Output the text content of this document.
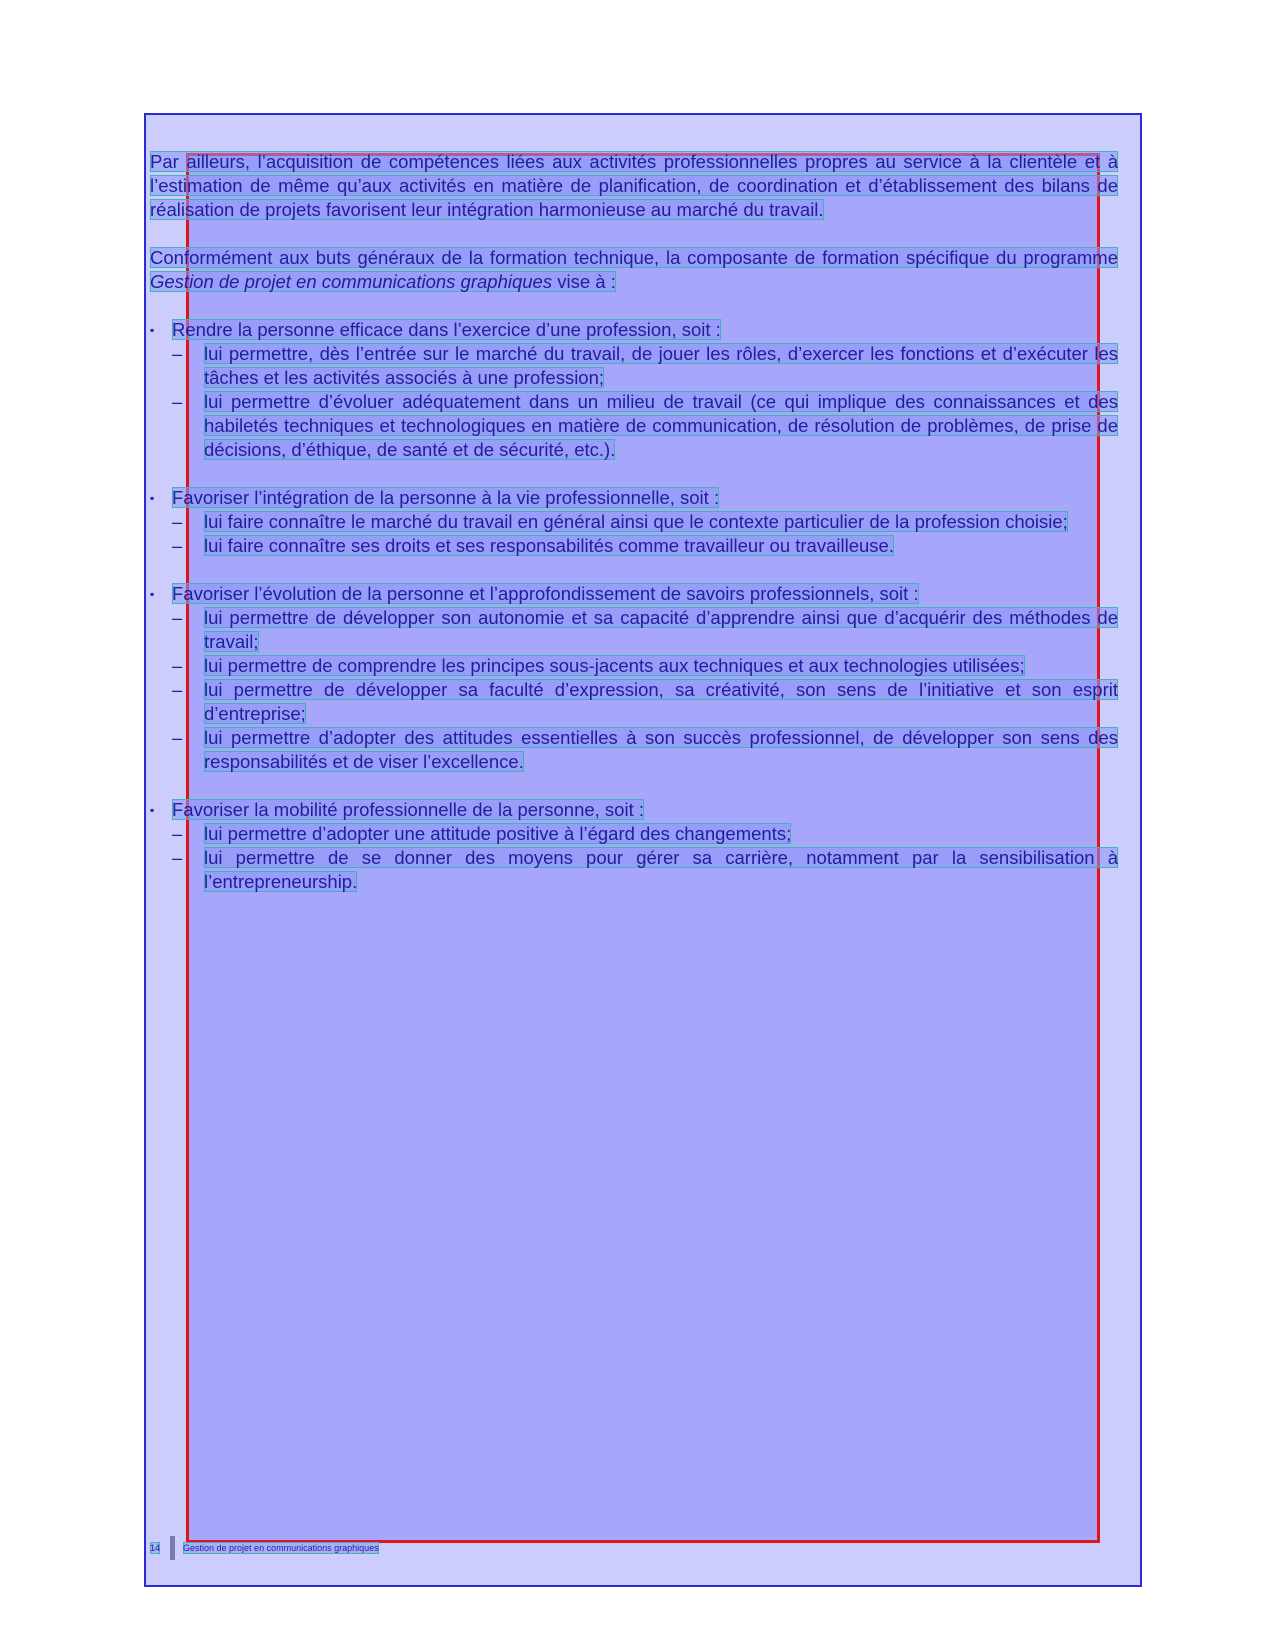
Par ailleurs, l’acquisition de compétences liées aux activités professionnelles propres au service à la clientèle et à l’estimation de même qu’aux activités en matière de planification, de coordination et d’établissement des bilans de réalisation de projets favorisent leur intégration harmonieuse au marché du travail.

Conformément aux buts généraux de la formation technique, la composante de formation spécifique du programme Gestion de projet en communications graphiques vise à :

▪ Rendre la personne efficace dans l’exercice d’une profession, soit :
–	lui permettre, dès l’entrée sur le marché du travail, de jouer les rôles, d’exercer les fonctions et d’exécuter les tâches et les activités associés à une profession;
–	lui permettre d’évoluer adéquatement dans un milieu de travail (ce qui implique des connaissances et des habiletés techniques et technologiques en matière de communication, de résolution de problèmes, de prise de décisions, d’éthique, de santé et de sécurité, etc.).
▪ Favoriser l’intégration de la personne à la vie professionnelle, soit :
–	lui faire connaître le marché du travail en général ainsi que le contexte particulier de la profession choisie;
–	lui faire connaître ses droits et ses responsabilités comme travailleur ou travailleuse.
▪ Favoriser l’évolution de la personne et l’approfondissement de savoirs professionnels, soit :
–	lui permettre de développer son autonomie et sa capacité d’apprendre ainsi que d’acquérir des méthodes de travail;
–	lui permettre de comprendre les principes sous-jacents aux techniques et aux technologies utilisées;
–	lui permettre de développer sa faculté d’expression, sa créativité, son sens de l’initiative et son esprit d’entreprise;
–	lui permettre d’adopter des attitudes essentielles à son succès professionnel, de développer son sens des responsabilités et de viser l’excellence.
▪ Favoriser la mobilité professionnelle de la personne, soit :
–	lui permettre d’adopter une attitude positive à l’égard des changements;
–	lui permettre de se donner des moyens pour gérer sa carrière, notamment par la sensibilisation à l’entrepreneurship.
14	Gestion de projet en communications graphiques
